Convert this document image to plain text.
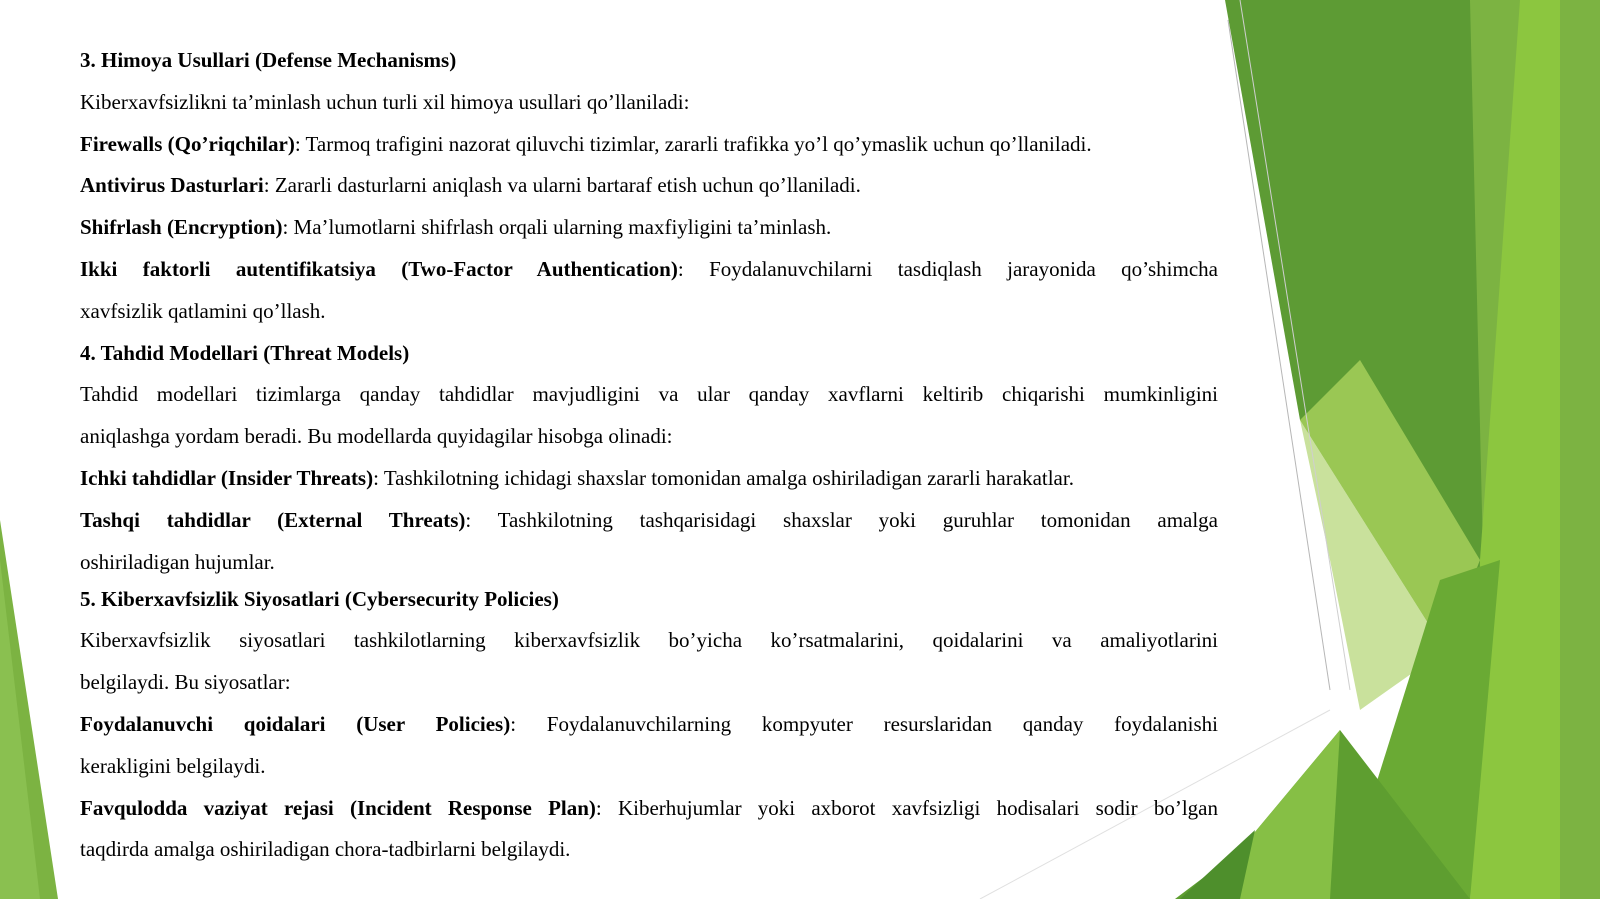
3. Himoya Usullari (Defense Mechanisms)
Kiberxavfsizlikni ta’minlash uchun turli xil himoya usullari qo’llaniladi:
Firewalls (Qo’riqchilar): Tarmoq trafigini nazorat qiluvchi tizimlar, zararli trafikka yo’l qo’ymaslik uchun qo’llaniladi.
Antivirus Dasturlari: Zararli dasturlarni aniqlash va ularni bartaraf etish uchun qo’llaniladi.
Shifrlash (Encryption): Ma’lumotlarni shifrlash orqali ularning maxfiyligini ta’minlash.
Ikki faktorli autentifikatsiya (Two-Factor Authentication): Foydalanuvchilarni tasdiqlash jarayonida qo’shimcha
xavfsizlik qatlamini qo’llash.
4. Tahdid Modellari (Threat Models)
Tahdid modellari tizimlarga qanday tahdidlar mavjudligini va ular qanday xavflarni keltirib chiqarishi mumkinligini
aniqlashga yordam beradi. Bu modellarda quyidagilar hisobga olinadi:
Ichki tahdidlar (Insider Threats): Tashkilotning ichidagi shaxslar tomonidan amalga oshiriladigan zararli harakatlar.
Tashqi tahdidlar (External Threats): Tashkilotning tashqarisidagi shaxslar yoki guruhlar tomonidan amalga
oshiriladigan hujumlar.
5. Kiberxavfsizlik Siyosatlari (Cybersecurity Policies)
Kiberxavfsizlik siyosatlari tashkilotlarning kiberxavfsizlik bo’yicha ko’rsatmalarini, qoidalarini va amaliyotlarini
belgilaydi. Bu siyosatlar:
Foydalanuvchi qoidalari (User Policies): Foydalanuvchilarning kompyuter resurslaridan qanday foydalanishi
kerakligini belgilaydi.
Favqulodda vaziyat rejasi (Incident Response Plan): Kiberhujumlar yoki axborot xavfsizligi hodisalari sodir bo’lgan
taqdirda amalga oshiriladigan chora-tadbirlarni belgilaydi.
